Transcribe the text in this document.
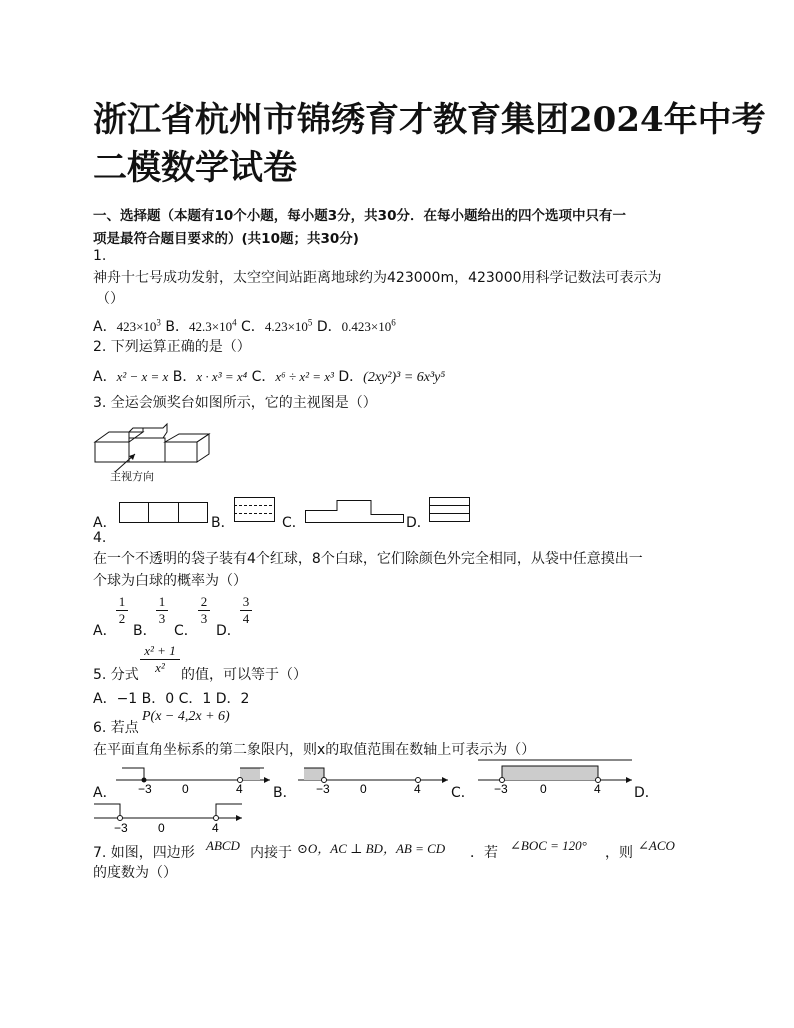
浙江省杭州市锦绣育才教育集团2024年中考
二模数学试卷
一、选择题（本题有10个小题，每小题3分，共30分．在每小题给出的四个选项中只有一
项是最符合题目要求的）(共10题；共30分)
1.
神舟十七号成功发射，太空空间站距离地球约为423000m，423000用科学记数法可表示为
（）
A．$423\times 10^3$ B．$42.3\times 10^4$ C．$4.23\times 10^5$ D．$0.423\times 10^6$
2. 下列运算正确的是（）
A．x² − x = x B．x · x³ = x⁴ C．x⁶ ÷ x² = x³ D．(2xy²)³ = 6x³y⁵
3. 全运会颁奖台如图所示，它的主视图是（）
主视方向
A．	B．	C．	D．
4.
在一个不透明的袋子装有4个红球，8个白球，它们除颜色外完全相同，从袋中任意摸出一
个球为白球的概率为（）
A．
1
2
B．
1
3
C．
2
3
D．
3
4
5. 分式
x² + 1
x²	的值，可以等于（）
A．−1 B．0 C．1 D．2
6. 若点
P(x − 4,2x + 6)
在平面直角坐标系的第二象限内，则x的取值范围在数轴上可表示为（）
A． −3	0	4 B． −3	0	4 C． −3	0	4 D．
−3	0	4
7. 如图，四边形 ABCD 内接于 ⊙O，AC ⊥ BD，AB = CD ．若 ∠BOC = 120° ，则 ∠ACO
的度数为（）
